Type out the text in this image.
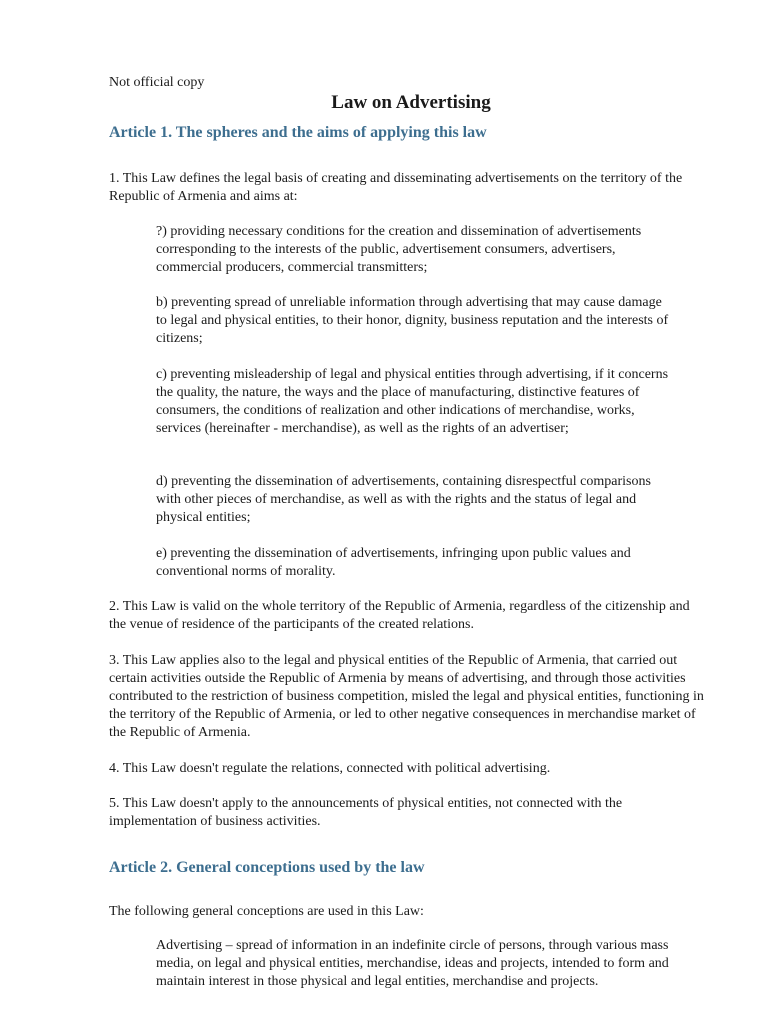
Not official copy
Law on Advertising
Article 1. The spheres and the aims of applying this law
1. This Law defines the legal basis of creating and disseminating advertisements on the territory of the Republic of Armenia and aims at:
?) providing necessary conditions for the creation and dissemination of advertisements corresponding to the interests of the public, advertisement consumers, advertisers, commercial producers, commercial transmitters;
b) preventing spread of unreliable information through advertising that may cause damage to legal and physical entities, to their honor, dignity, business reputation and the interests of citizens;
c) preventing misleadership of legal and physical entities through advertising, if it concerns the quality, the nature, the ways and the place of manufacturing, distinctive features of consumers, the conditions of realization and other indications of merchandise, works, services (hereinafter - merchandise), as well as the rights of an advertiser;
d) preventing the dissemination of advertisements, containing disrespectful comparisons with other pieces of merchandise, as well as with the rights and the status of legal and physical entities;
e) preventing the dissemination of advertisements, infringing upon public values and conventional norms of morality.
2. This Law is valid on the whole territory of the Republic of Armenia, regardless of the citizenship and the venue of residence of the participants of the created relations.
3. This Law applies also to the legal and physical entities of the Republic of Armenia, that carried out certain activities outside the Republic of Armenia by means of advertising, and through those activities contributed to the restriction of business competition, misled the legal and physical entities, functioning in the territory of the Republic of Armenia, or led to other negative consequences in merchandise market of the Republic of Armenia.
4. This Law doesn't regulate the relations, connected with political advertising.
5. This Law doesn't apply to the announcements of physical entities, not connected with the implementation of business activities.
Article 2. General conceptions used by the law
The following general conceptions are used in this Law:
Advertising – spread of information in an indefinite circle of persons, through various mass media, on legal and physical entities, merchandise, ideas and projects, intended to form and maintain interest in those physical and legal entities, merchandise and projects.
